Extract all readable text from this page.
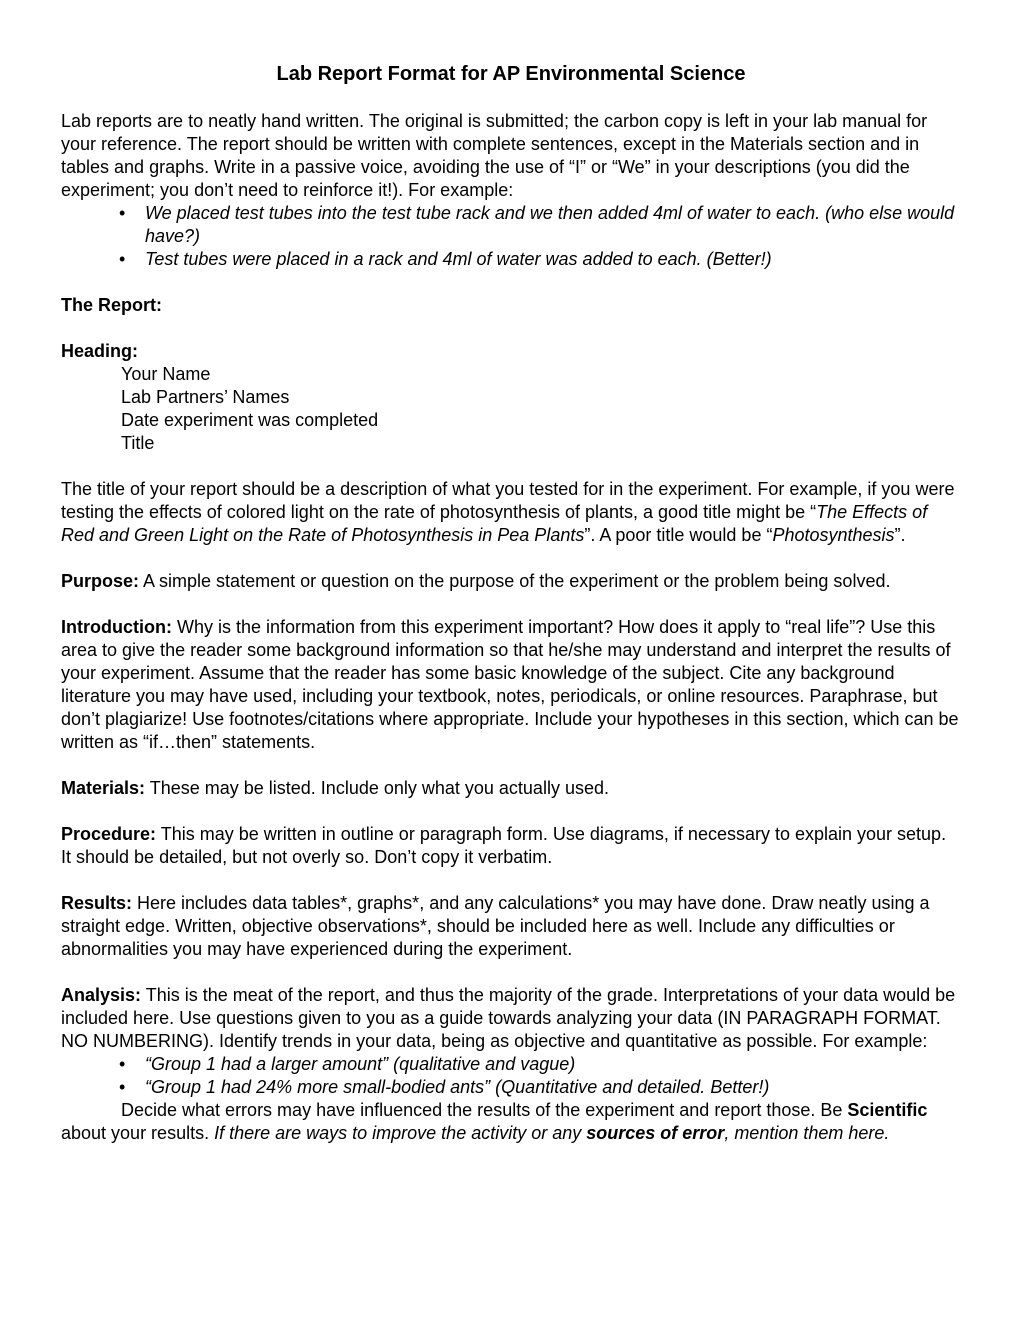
Lab Report Format for AP Environmental Science

Lab reports are to neatly hand written. The original is submitted; the carbon copy is left in your lab manual for your reference. The report should be written with complete sentences, except in the Materials section and in tables and graphs. Write in a passive voice, avoiding the use of “I” or “We” in your descriptions (you did the experiment; you don’t need to reinforce it!). For example:

• We placed test tubes into the test tube rack and we then added 4ml of water to each. (who else would have?)
• Test tubes were placed in a rack and 4ml of water was added to each. (Better!)

The Report:

Heading:

Your Name
Lab Partners’ Names
Date experiment was completed
Title

The title of your report should be a description of what you tested for in the experiment. For example, if you were testing the effects of colored light on the rate of photosynthesis of plants, a good title might be “The Effects of Red and Green Light on the Rate of Photosynthesis in Pea Plants”. A poor title would be “Photosynthesis”.

Purpose: A simple statement or question on the purpose of the experiment or the problem being solved.

Introduction: Why is the information from this experiment important? How does it apply to “real life”? Use this area to give the reader some background information so that he/she may understand and interpret the results of your experiment. Assume that the reader has some basic knowledge of the subject. Cite any background literature you may have used, including your textbook, notes, periodicals, or online resources. Paraphrase, but don’t plagiarize! Use footnotes/citations where appropriate. Include your hypotheses in this section, which can be written as “if…then” statements.

Materials: These may be listed. Include only what you actually used.

Procedure: This may be written in outline or paragraph form. Use diagrams, if necessary to explain your setup. It should be detailed, but not overly so. Don’t copy it verbatim.

Results: Here includes data tables*, graphs*, and any calculations* you may have done. Draw neatly using a straight edge. Written, objective observations*, should be included here as well. Include any difficulties or abnormalities you may have experienced during the experiment.

Analysis: This is the meat of the report, and thus the majority of the grade. Interpretations of your data would be included here. Use questions given to you as a guide towards analyzing your data (IN PARAGRAPH FORMAT. NO NUMBERING). Identify trends in your data, being as objective and quantitative as possible. For example:

• “Group 1 had a larger amount” (qualitative and vague)
• “Group 1 had 24% more small-bodied ants” (Quantitative and detailed. Better!)

Decide what errors may have influenced the results of the experiment and report those. Be Scientific about your results. If there are ways to improve the activity or any sources of error, mention them here.
